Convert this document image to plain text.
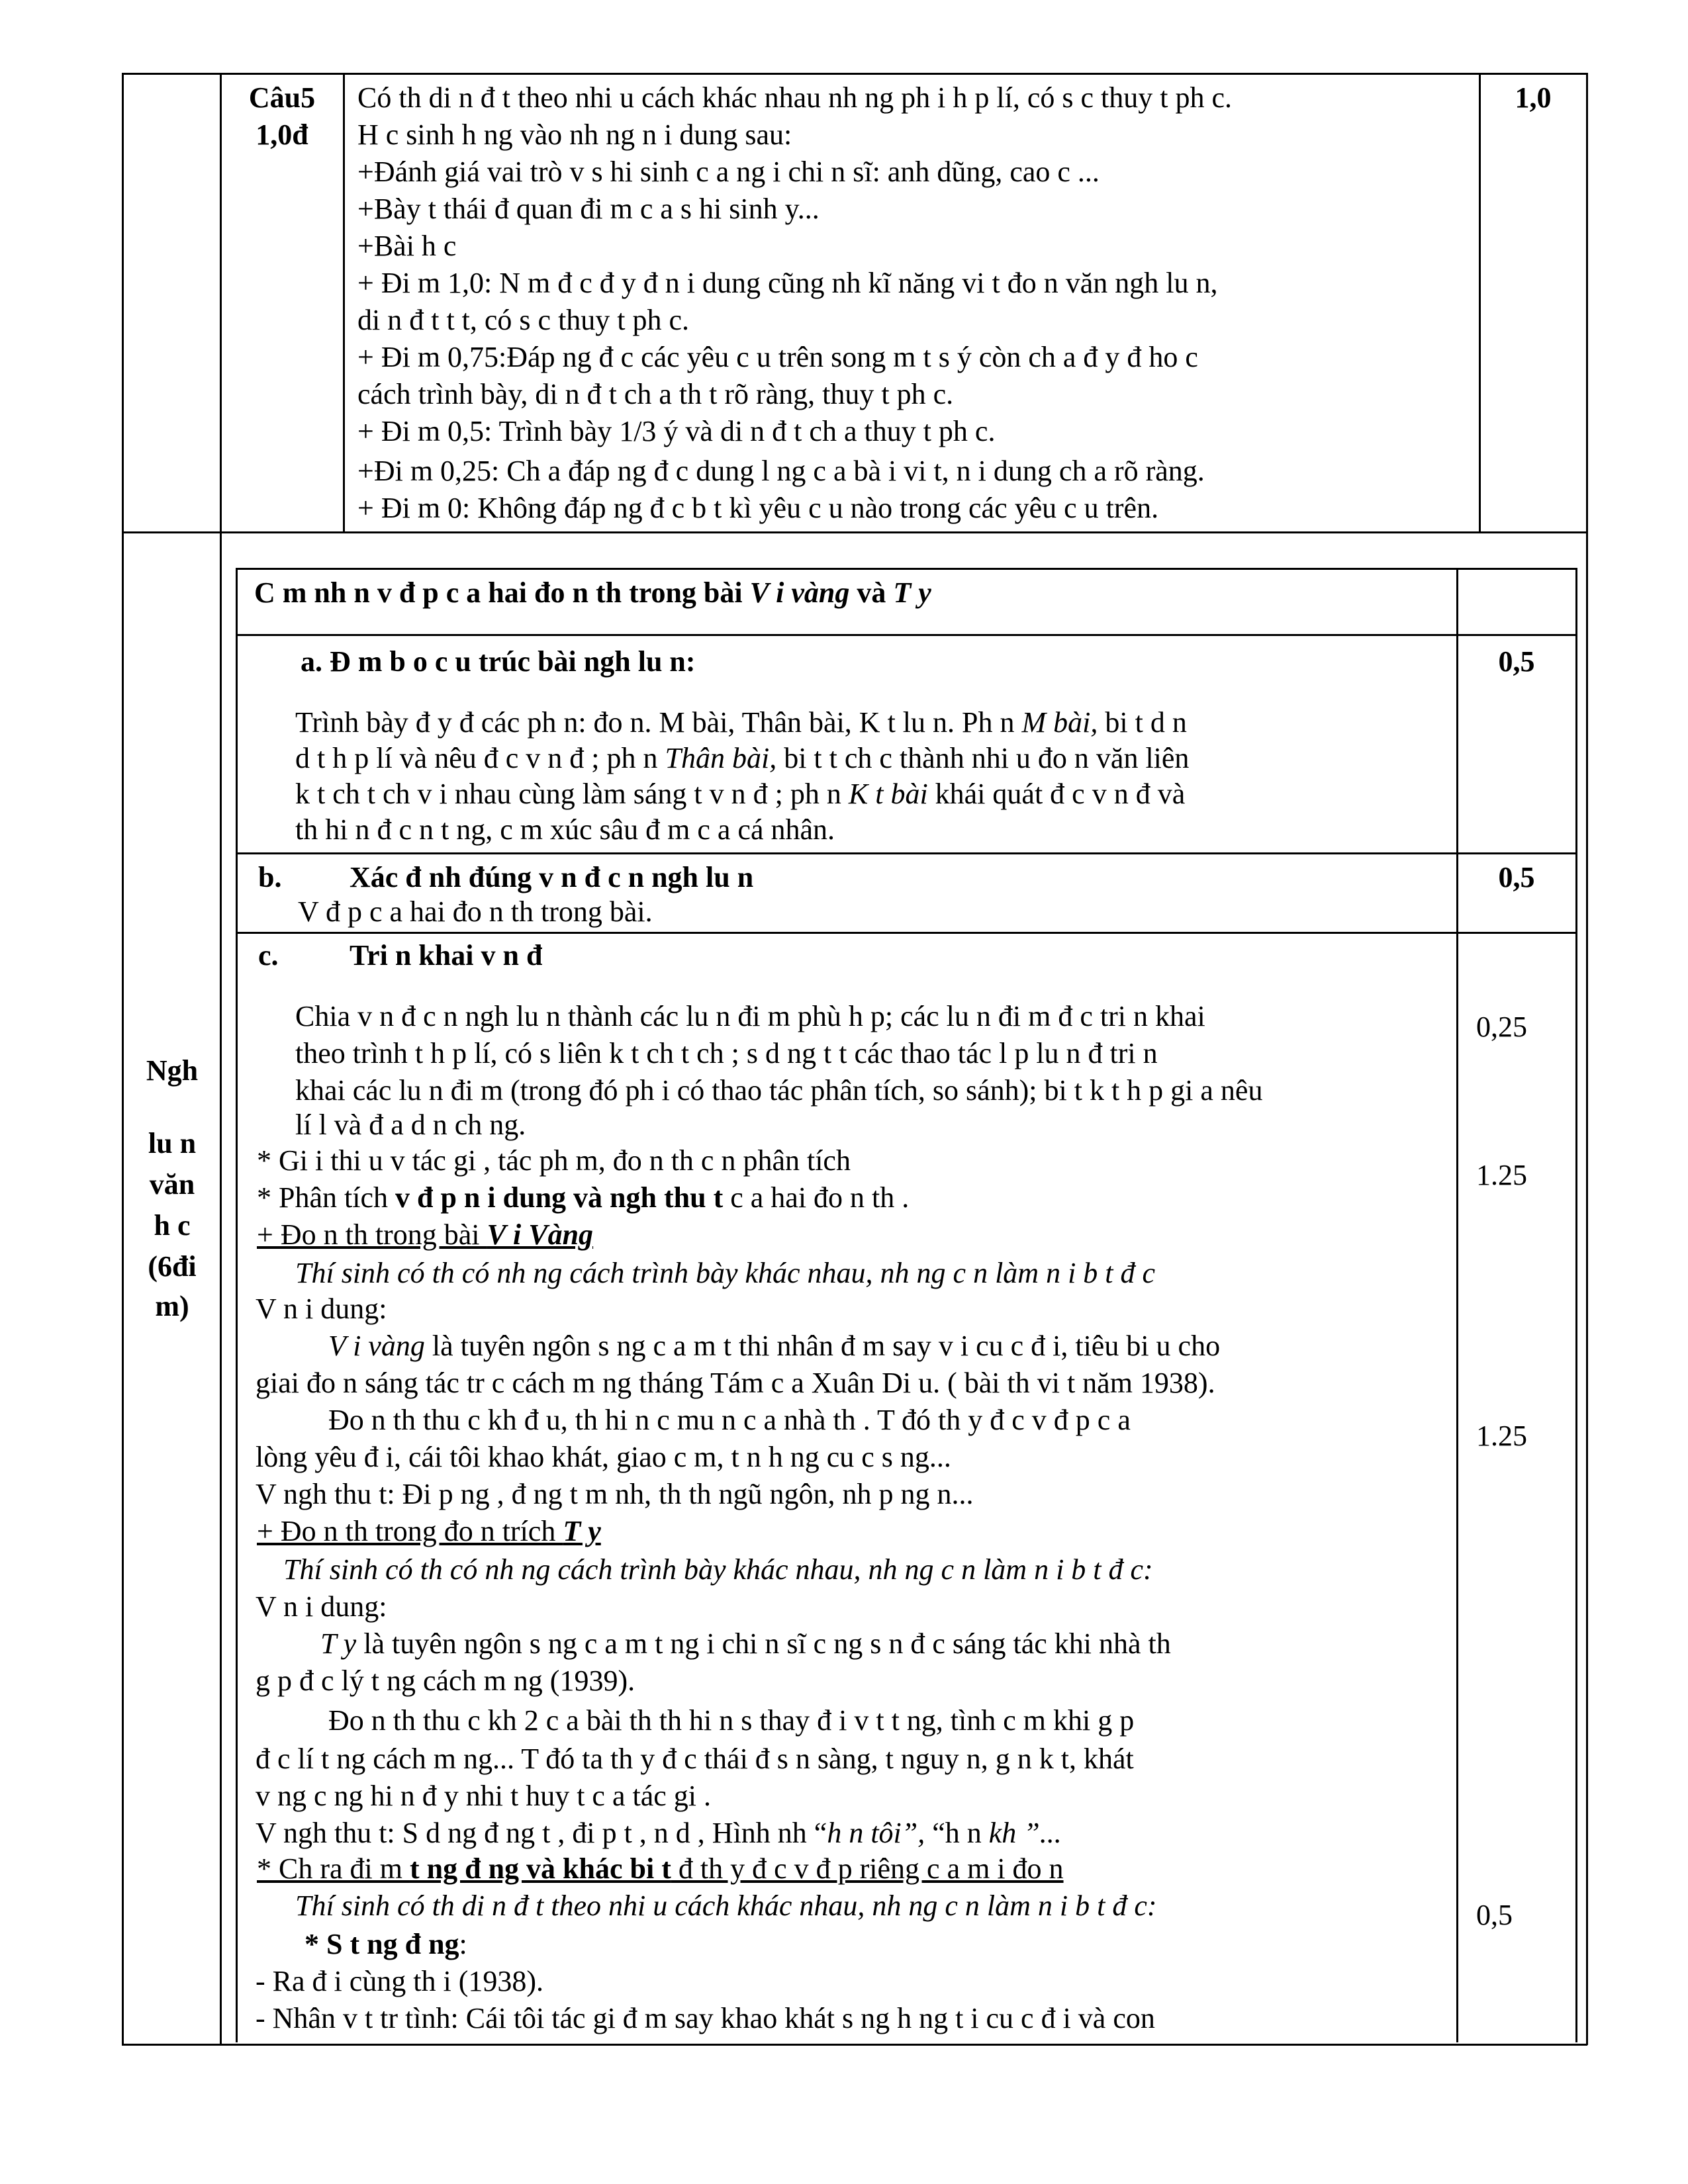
Câu5
1,0đ
1,0
Có th di n đ t theo nhi u cách khác nhau nh ng ph i h p lí, có s c thuy t ph c.
H c sinh h ng vào nh ng n i dung sau:
+Đánh giá vai trò v s hi sinh c a ng i chi n sĩ: anh dũng, cao c ...
+Bày t thái đ quan đi m c a s hi sinh y...
+Bài h c
+ Đi m 1,0: N m đ c đ y đ n i dung cũng nh kĩ năng vi t đo n văn ngh lu n,
di n đ t t t, có s c thuy t ph c.
+ Đi m 0,75:Đáp ng đ c các yêu c u trên song m t s ý còn ch a đ y đ ho c
cách trình bày, di n đ t ch a th t rõ ràng, thuy t ph c.
+ Đi m 0,5: Trình bày 1/3 ý và di n đ t ch a thuy t ph c.
+Đi m 0,25: Ch a đáp ng đ c dung l ng c a bà i vi t, n i dung ch a rõ ràng.
+ Đi m 0: Không đáp ng đ c b t kì yêu c u nào trong các yêu c u trên.
Ngh
lu n
văn
h c
(6đi
m)
C m nh n v đ p c a hai đo n th trong bài V i vàng và T y
a. Đ m b o c u trúc bài ngh lu n:	0,5
Trình bày đ y đ các ph n: đo n. M bài, Thân bài, K t lu n. Ph n M bài, bi t d n
d t h p lí và nêu đ c v n đ ; ph n Thân bài, bi t t ch c thành nhi u đo n văn liên
k t ch t ch v i nhau cùng làm sáng t v n đ ; ph n K t bài khái quát đ c v n đ và
th hi n đ c n t ng, c m xúc sâu đ m c a cá nhân.
b. Xác đ nh đúng v n đ c n ngh lu n	0,5
V đ p c a hai đo n th trong bài.
c. Tri n khai v n đ
0,25
1.25
1.25
0,5
Chia v n đ c n ngh lu n thành các lu n đi m phù h p; các lu n đi m đ c tri n khai
theo trình t h p lí, có s liên k t ch t ch ; s d ng t t các thao tác l p lu n đ tri n
khai các lu n đi m (trong đó ph i có thao tác phân tích, so sánh); bi t k t h p gi a nêu
lí l và đ a d n ch ng.
* Gi i thi u v tác gi , tác ph m, đo n th c n phân tích
* Phân tích v đ p n i dung và ngh thu t c a hai đo n th .
+ Đo n th trong bài V i Vàng
Thí sinh có th có nh ng cách trình bày khác nhau, nh ng c n làm n i b t đ c
V n i dung:
V i vàng là tuyên ngôn s ng c a m t thi nhân đ m say v i cu c đ i, tiêu bi u cho
giai đo n sáng tác tr c cách m ng tháng Tám c a Xuân Di u. ( bài th vi t năm 1938).
Đo n th thu c kh đ u, th hi n c mu n c a nhà th . T đó th y đ c v đ p c a
lòng yêu đ i, cái tôi khao khát, giao c m, t n h ng cu c s ng...
V ngh thu t: Đi p ng , đ ng t m nh, th th ngũ ngôn, nh p ng n...
+ Đo n th trong đo n trích T y
Thí sinh có th có nh ng cách trình bày khác nhau, nh ng c n làm n i b t đ c:
V n i dung:
T y là tuyên ngôn s ng c a m t ng i chi n sĩ c ng s n đ c sáng tác khi nhà th
g p đ c lý t ng cách m ng (1939).
Đo n th thu c kh 2 c a bài th th hi n s thay đ i v t t ng, tình c m khi g p
đ c lí t ng cách m ng... T đó ta th y đ c thái đ s n sàng, t nguy n, g n k t, khát
v ng c ng hi n đ y nhi t huy t c a tác gi .
V ngh thu t: S d ng đ ng t , đi p t , n d , Hình nh “h n tôi”, “h n kh ”...
* Ch ra đi m t ng đ ng và khác bi t đ th y đ c v đ p riêng c a m i đo n
Thí sinh có th di n đ t theo nhi u cách khác nhau, nh ng c n làm n i b t đ c:
* S t ng đ ng:
- Ra đ i cùng th i (1938).
- Nhân v t tr tình: Cái tôi tác gi đ m say khao khát s ng h ng t i cu c đ i và con
